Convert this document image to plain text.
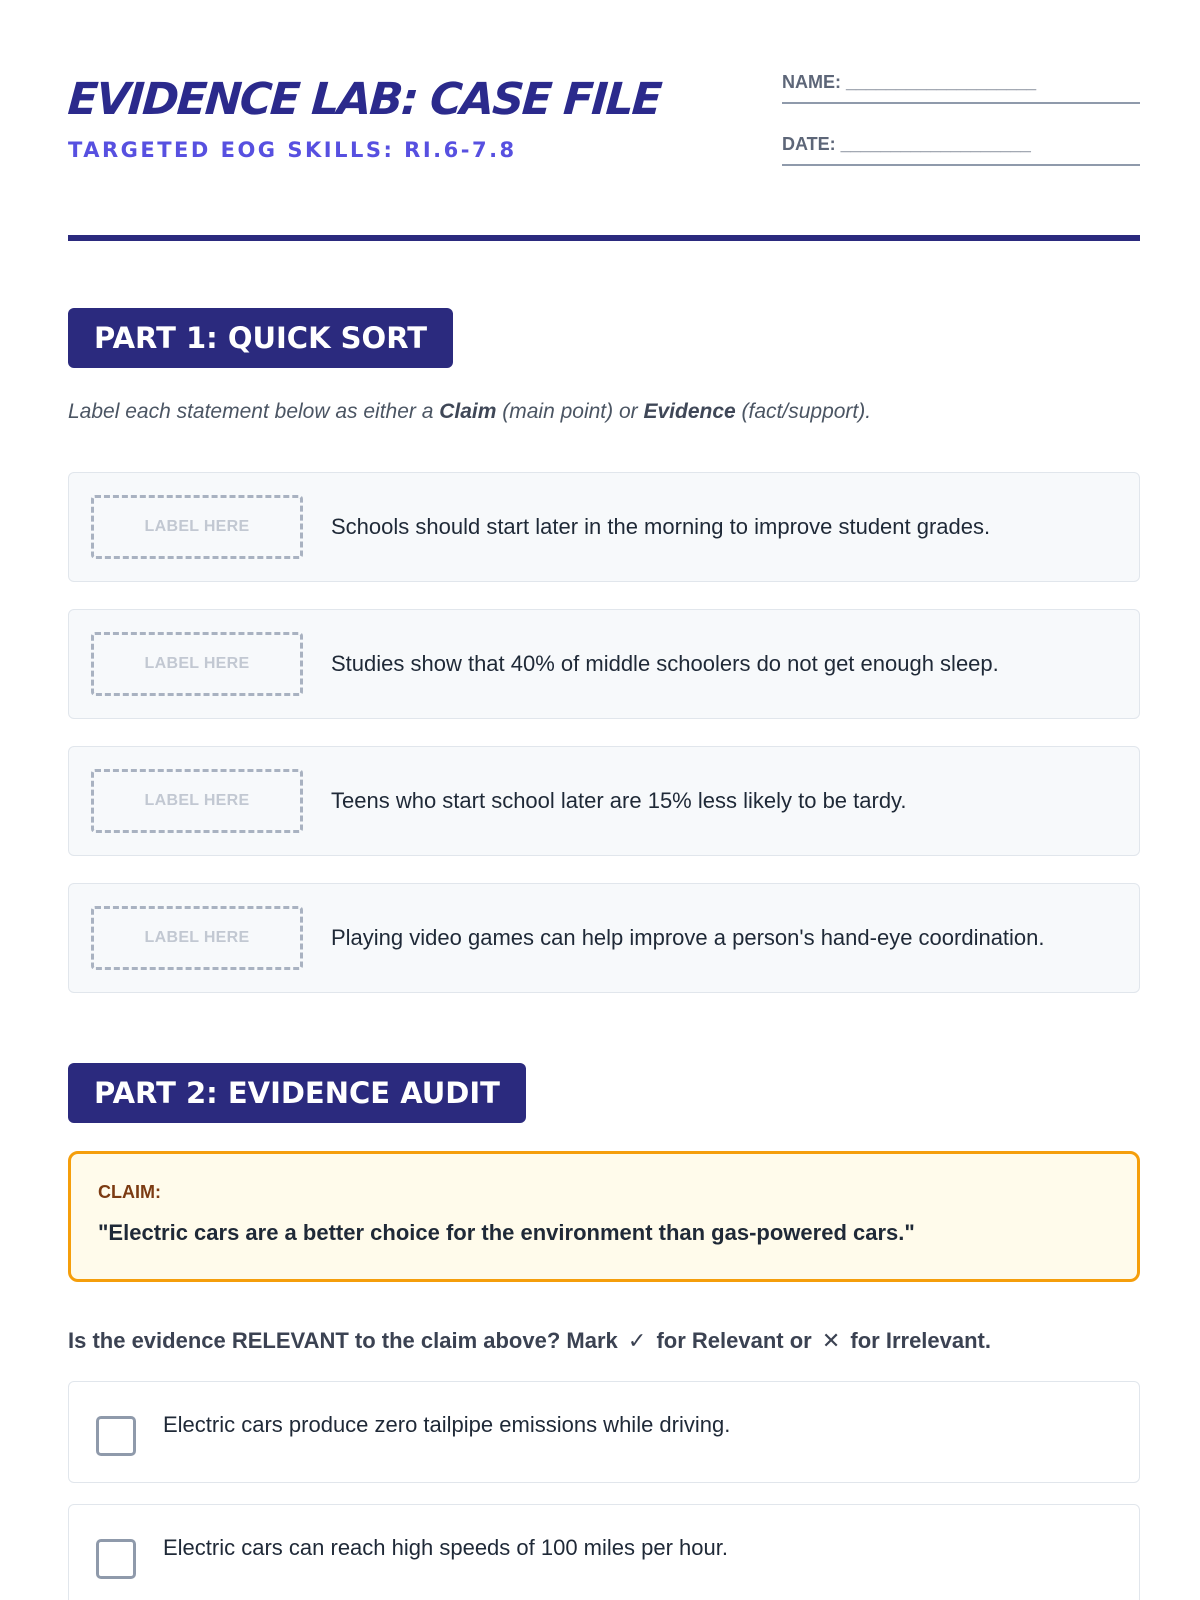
EVIDENCE LAB: CASE FILE
TARGETED EOG SKILLS: RI.6-7.8
NAME: ___________________
DATE: ___________________
PART 1: QUICK SORT
Label each statement below as either a Claim (main point) or Evidence (fact/support).
LABEL HERE	Schools should start later in the morning to improve student grades.
LABEL HERE	Studies show that 40% of middle schoolers do not get enough sleep.
LABEL HERE	Teens who start school later are 15% less likely to be tardy.
LABEL HERE	Playing video games can help improve a person's hand-eye coordination.
PART 2: EVIDENCE AUDIT
CLAIM:
"Electric cars are a better choice for the environment than gas-powered cars."
Is the evidence RELEVANT to the claim above? Mark ✓ for Relevant or ✕ for Irrelevant.
Electric cars produce zero tailpipe emissions while driving.
Electric cars can reach high speeds of 100 miles per hour.
